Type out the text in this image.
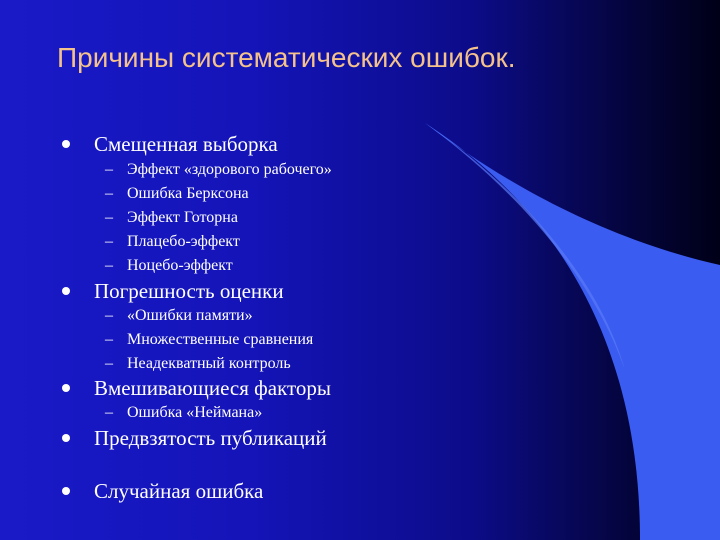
Причины систематических ошибок.
Смещенная выборка
– Эффект «здорового рабочего»
– Ошибка Берксона
– Эффект Готорна
– Плацебо-эффект
– Ноцебо-эффект
Погрешность оценки
– «Ошибки памяти»
– Множественные сравнения
– Неадекватный контроль
Вмешивающиеся факторы
– Ошибка «Неймана»
Предвзятость публикаций
Случайная ошибка
